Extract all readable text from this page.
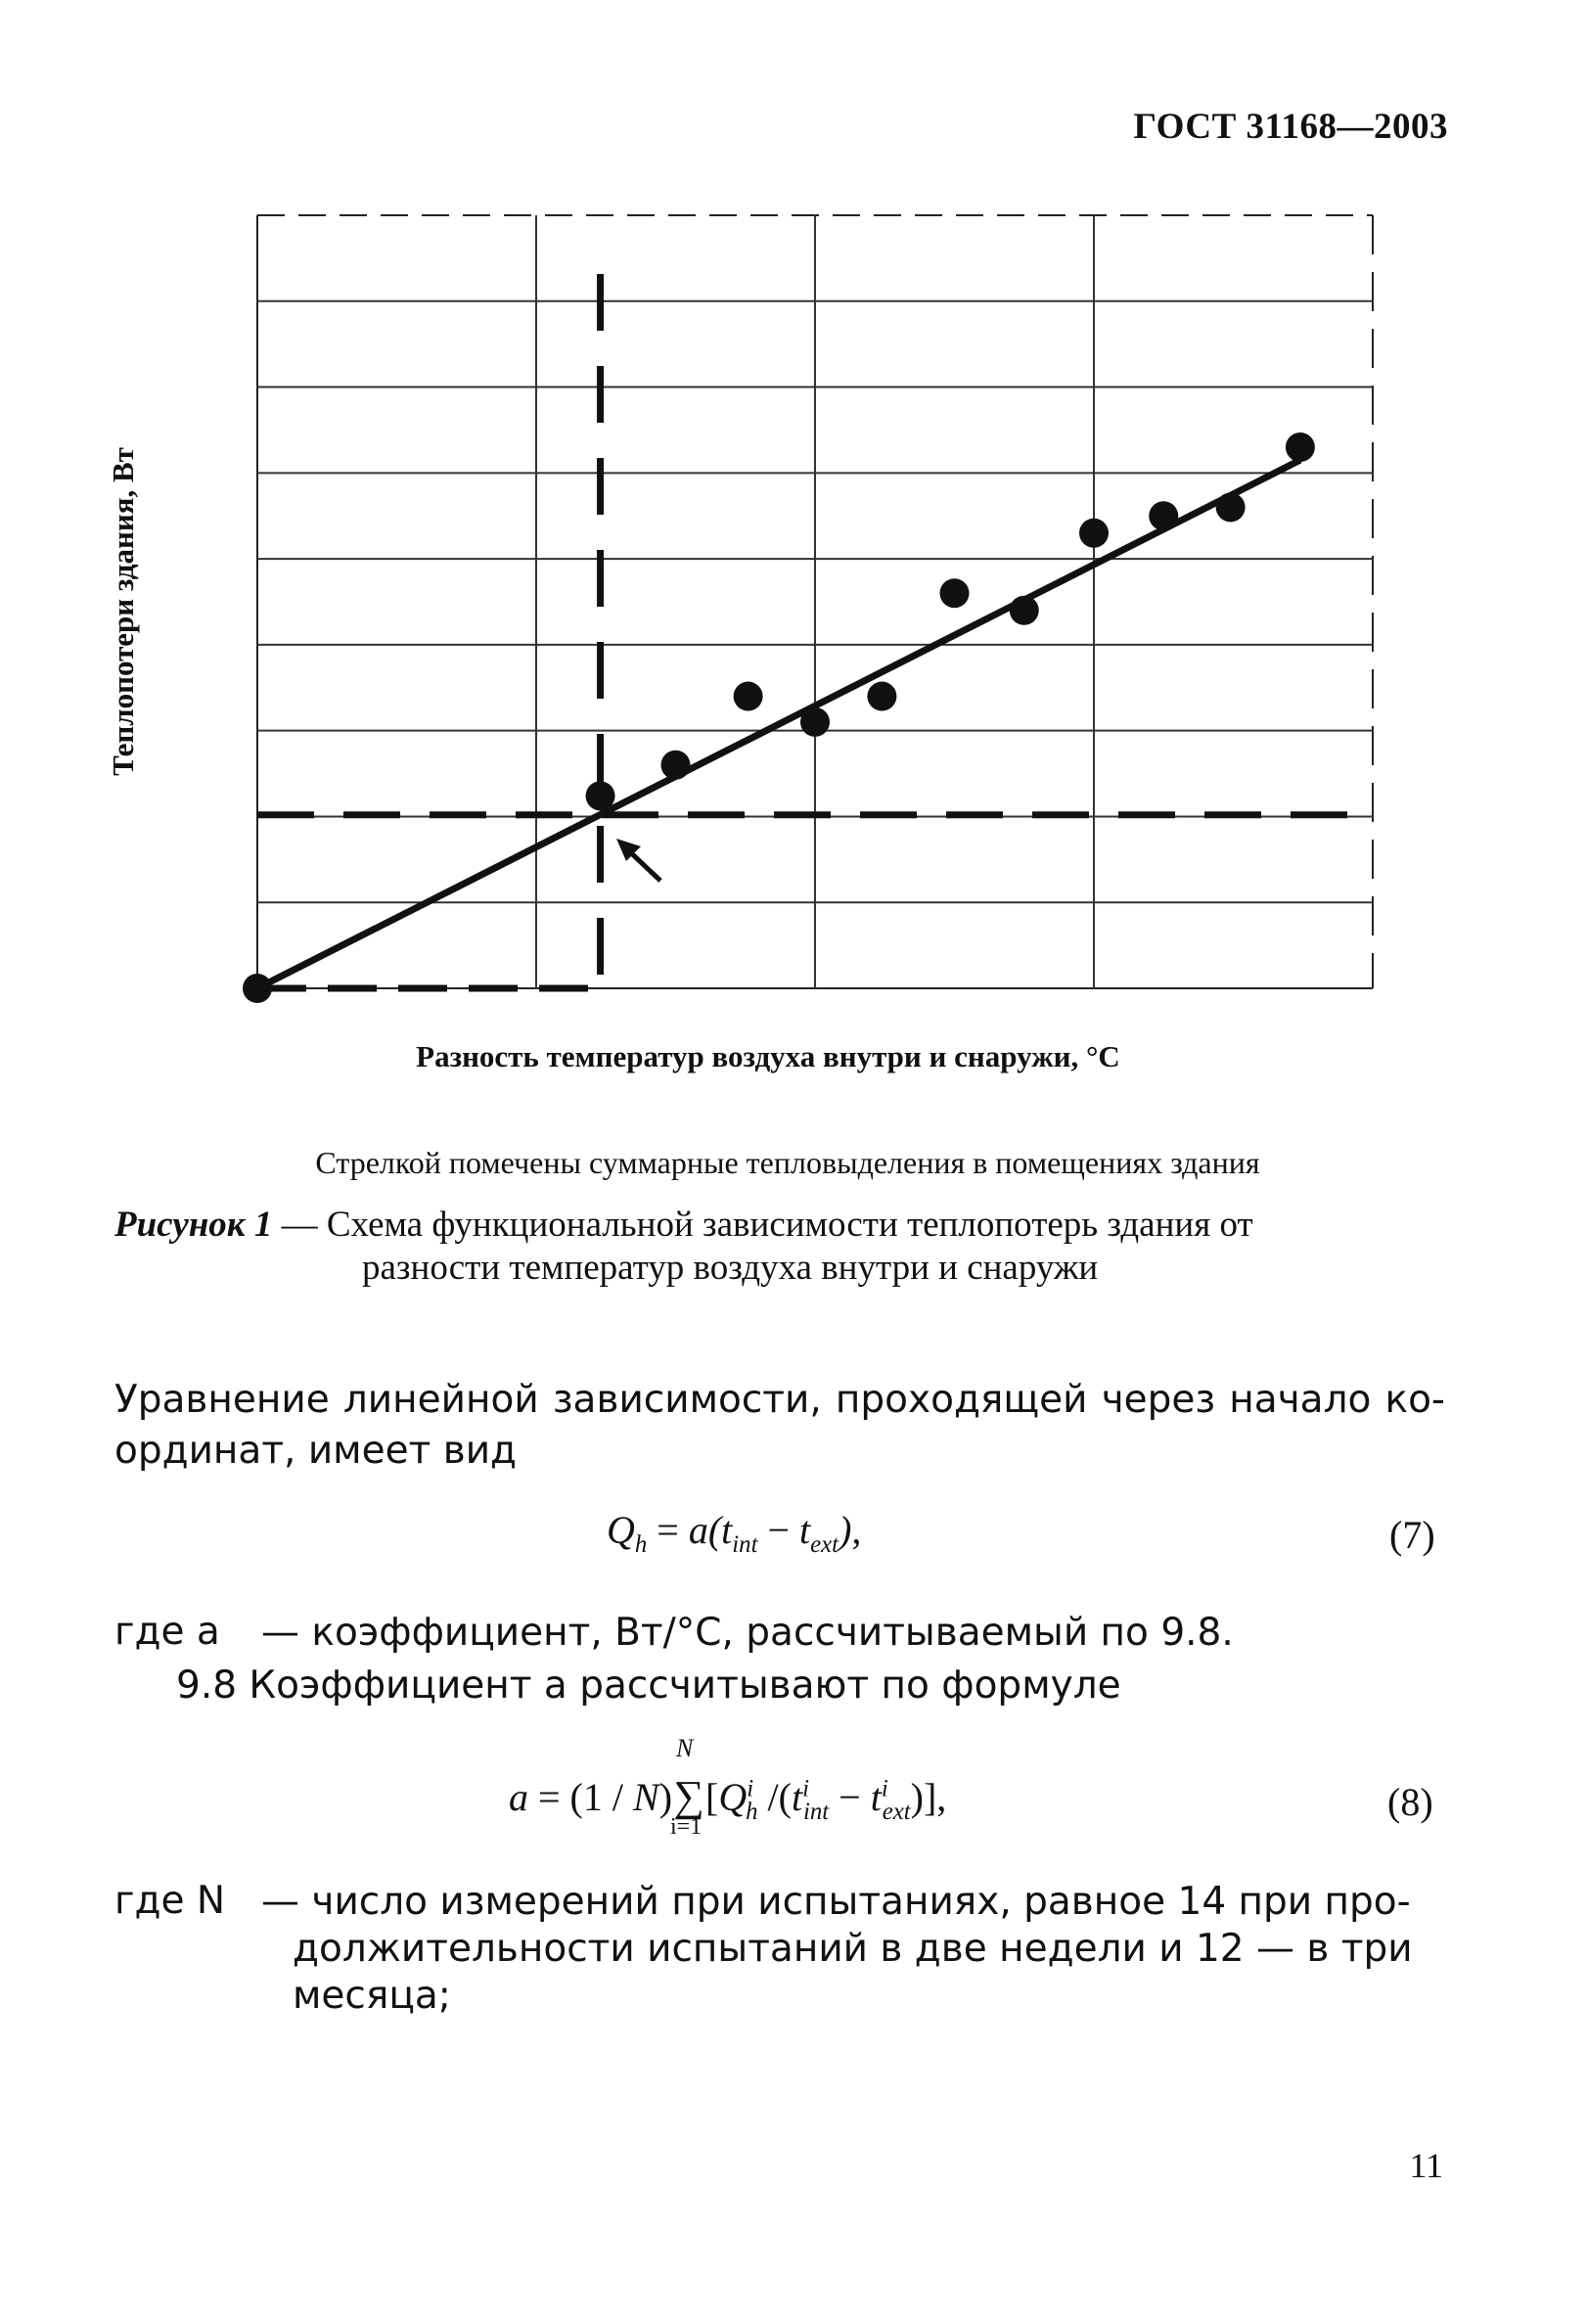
ГОСТ 31168—2003
Теплопотери здания, Вт
Разность температур воздуха внутри и снаружи, °С
Стрелкой помечены суммарные тепловыделения в помещениях здания
Рисунок 1 — Схема функциональной зависимости теплопотерь здания от
разности температур воздуха внутри и снаружи
Уравнение линейной зависимости, проходящей через начало ко-
ординат, имеет вид
$Q_h = a(t_{int} - t_{ext})$,	(7)
где a	— коэффициент, Вт/°С, рассчитываемый по 9.8.
9.8 Коэффициент a рассчитывают по формуле
a = (1 / N)∑
N
i=1
[$Q^i_h$ $/(t^i_{int} - t^i_{ext})$],	(8)
где N — число измерений при испытаниях, равное 14 при про-
должительности испытаний в две недели и 12 — в три
месяца;
11
